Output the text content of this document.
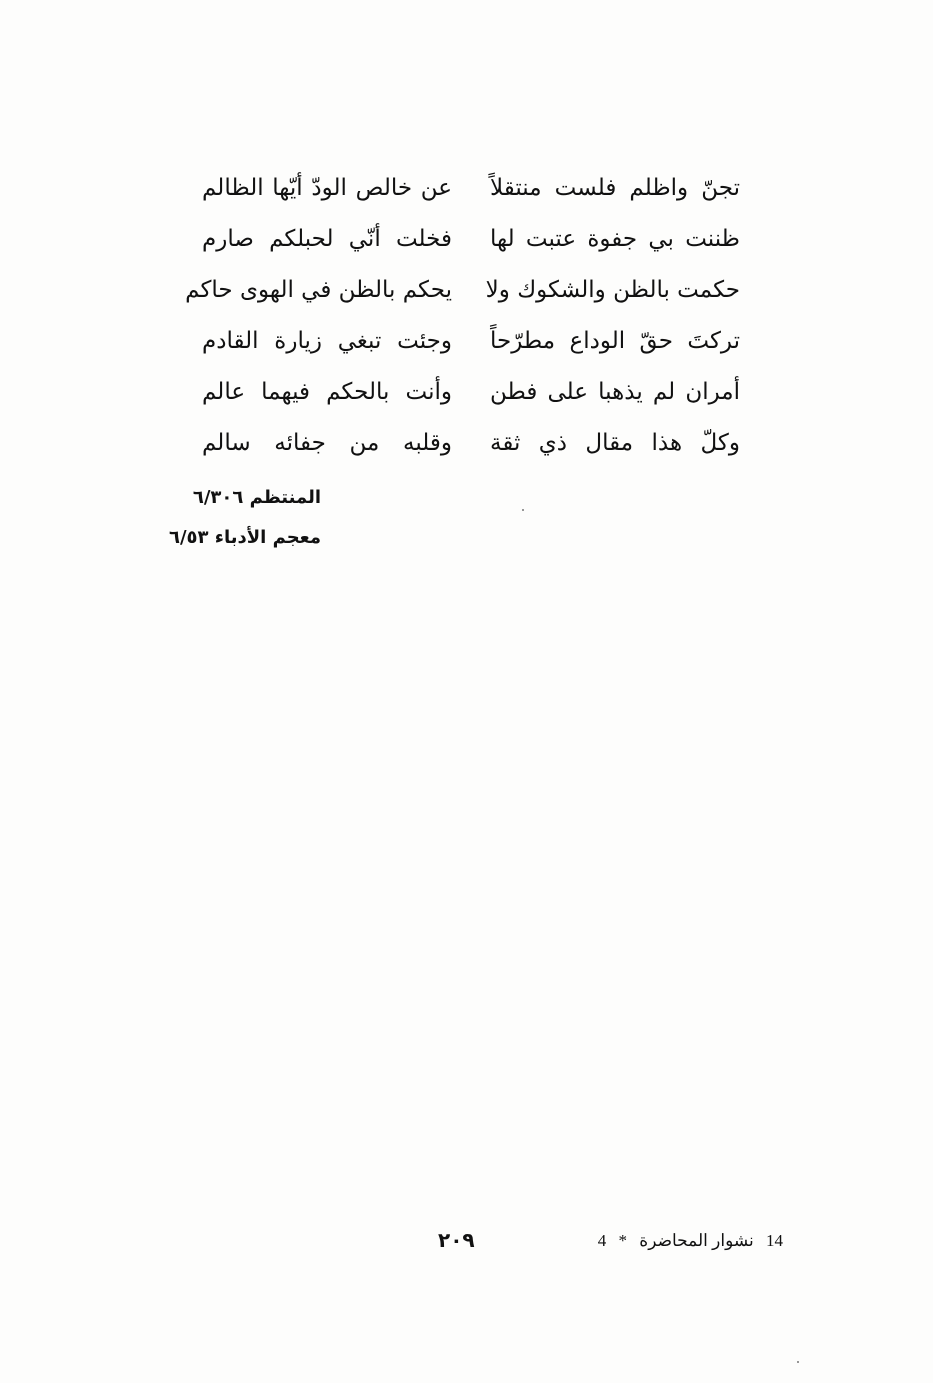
تجنّ واظلم فلست منتقلاً
عن خالص الودّ أيّها الظالم
ظننت بي جفوة عتبت لها
فخلت أنّي لحبلكم صارم
حكمت بالظن والشكوك ولا
يحكم بالظن في الهوى حاكم
تركتَ حقّ الوداع مطرّحاً
وجئت تبغي زيارة القادم
أمران لم يذهبا على فطن
وأنت بالحكم فيهما عالم
وكلّ هذا مقال ذي ثقة
وقلبه من جفائه سالم
المنتظم ٦/٣٠٦
معجم الأدباء ٦/٥٣
٢٠٩	14 نشوار المحاضرة * 4
